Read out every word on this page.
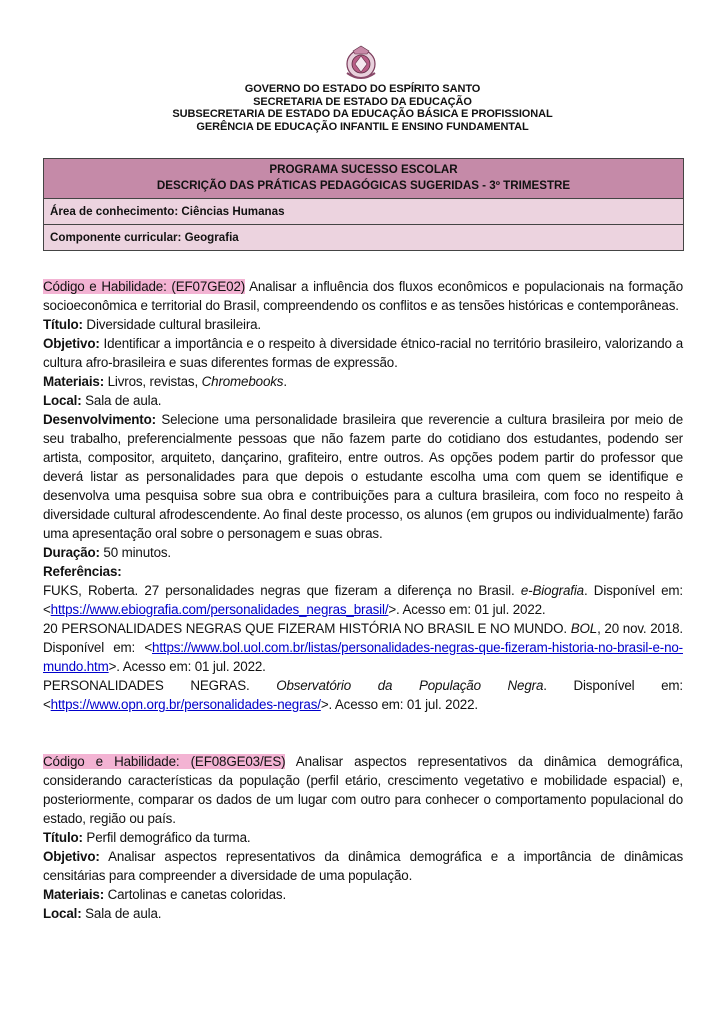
GOVERNO DO ESTADO DO ESPÍRITO SANTO
SECRETARIA DE ESTADO DA EDUCAÇÃO
SUBSECRETARIA DE ESTADO DA EDUCAÇÃO BÁSICA E PROFISSIONAL
GERÊNCIA DE EDUCAÇÃO INFANTIL E ENSINO FUNDAMENTAL
PROGRAMA SUCESSO ESCOLAR
DESCRIÇÃO DAS PRÁTICAS PEDAGÓGICAS SUGERIDAS - 3º TRIMESTRE
Área de conhecimento: Ciências Humanas
Componente curricular: Geografia

Código e Habilidade: (EF07GE02) Analisar a influência dos fluxos econômicos e populacionais na formação socioeconômica e territorial do Brasil, compreendendo os conflitos e as tensões históricas e contemporâneas.

Título: Diversidade cultural brasileira.

Objetivo: Identificar a importância e o respeito à diversidade étnico-racial no território brasileiro, valorizando a cultura afro-brasileira e suas diferentes formas de expressão.

Materiais: Livros, revistas, Chromebooks.

Local: Sala de aula.

Desenvolvimento: Selecione uma personalidade brasileira que reverencie a cultura brasileira por meio de seu trabalho, preferencialmente pessoas que não fazem parte do cotidiano dos estudantes, podendo ser artista, compositor, arquiteto, dançarino, grafiteiro, entre outros. As opções podem partir do professor que deverá listar as personalidades para que depois o estudante escolha uma com quem se identifique e desenvolva uma pesquisa sobre sua obra e contribuições para a cultura brasileira, com foco no respeito à diversidade cultural afrodescendente. Ao final deste processo, os alunos (em grupos ou individualmente) farão uma apresentação oral sobre o personagem e suas obras.

Duração: 50 minutos.

Referências:

FUKS, Roberta. 27 personalidades negras que fizeram a diferença no Brasil. e-Biografia. Disponível em: <https://www.ebiografia.com/personalidades_negras_brasil/>. Acesso em: 01 jul. 2022.

20 PERSONALIDADES NEGRAS QUE FIZERAM HISTÓRIA NO BRASIL E NO MUNDO. BOL, 20 nov. 2018. Disponível em: <https://www.bol.uol.com.br/listas/personalidades-negras-que-fizeram-historia-no-brasil-e-no-mundo.htm>. Acesso em: 01 jul. 2022.

PERSONALIDADES NEGRAS. Observatório da População Negra. Disponível em: <https://www.opn.org.br/personalidades-negras/>. Acesso em: 01 jul. 2022.

Código e Habilidade: (EF08GE03/ES) Analisar aspectos representativos da dinâmica demográfica, considerando características da população (perfil etário, crescimento vegetativo e mobilidade espacial) e, posteriormente, comparar os dados de um lugar com outro para conhecer o comportamento populacional do estado, região ou país.

Título: Perfil demográfico da turma.

Objetivo: Analisar aspectos representativos da dinâmica demográfica e a importância de dinâmicas censitárias para compreender a diversidade de uma população.

Materiais: Cartolinas e canetas coloridas.

Local: Sala de aula.
